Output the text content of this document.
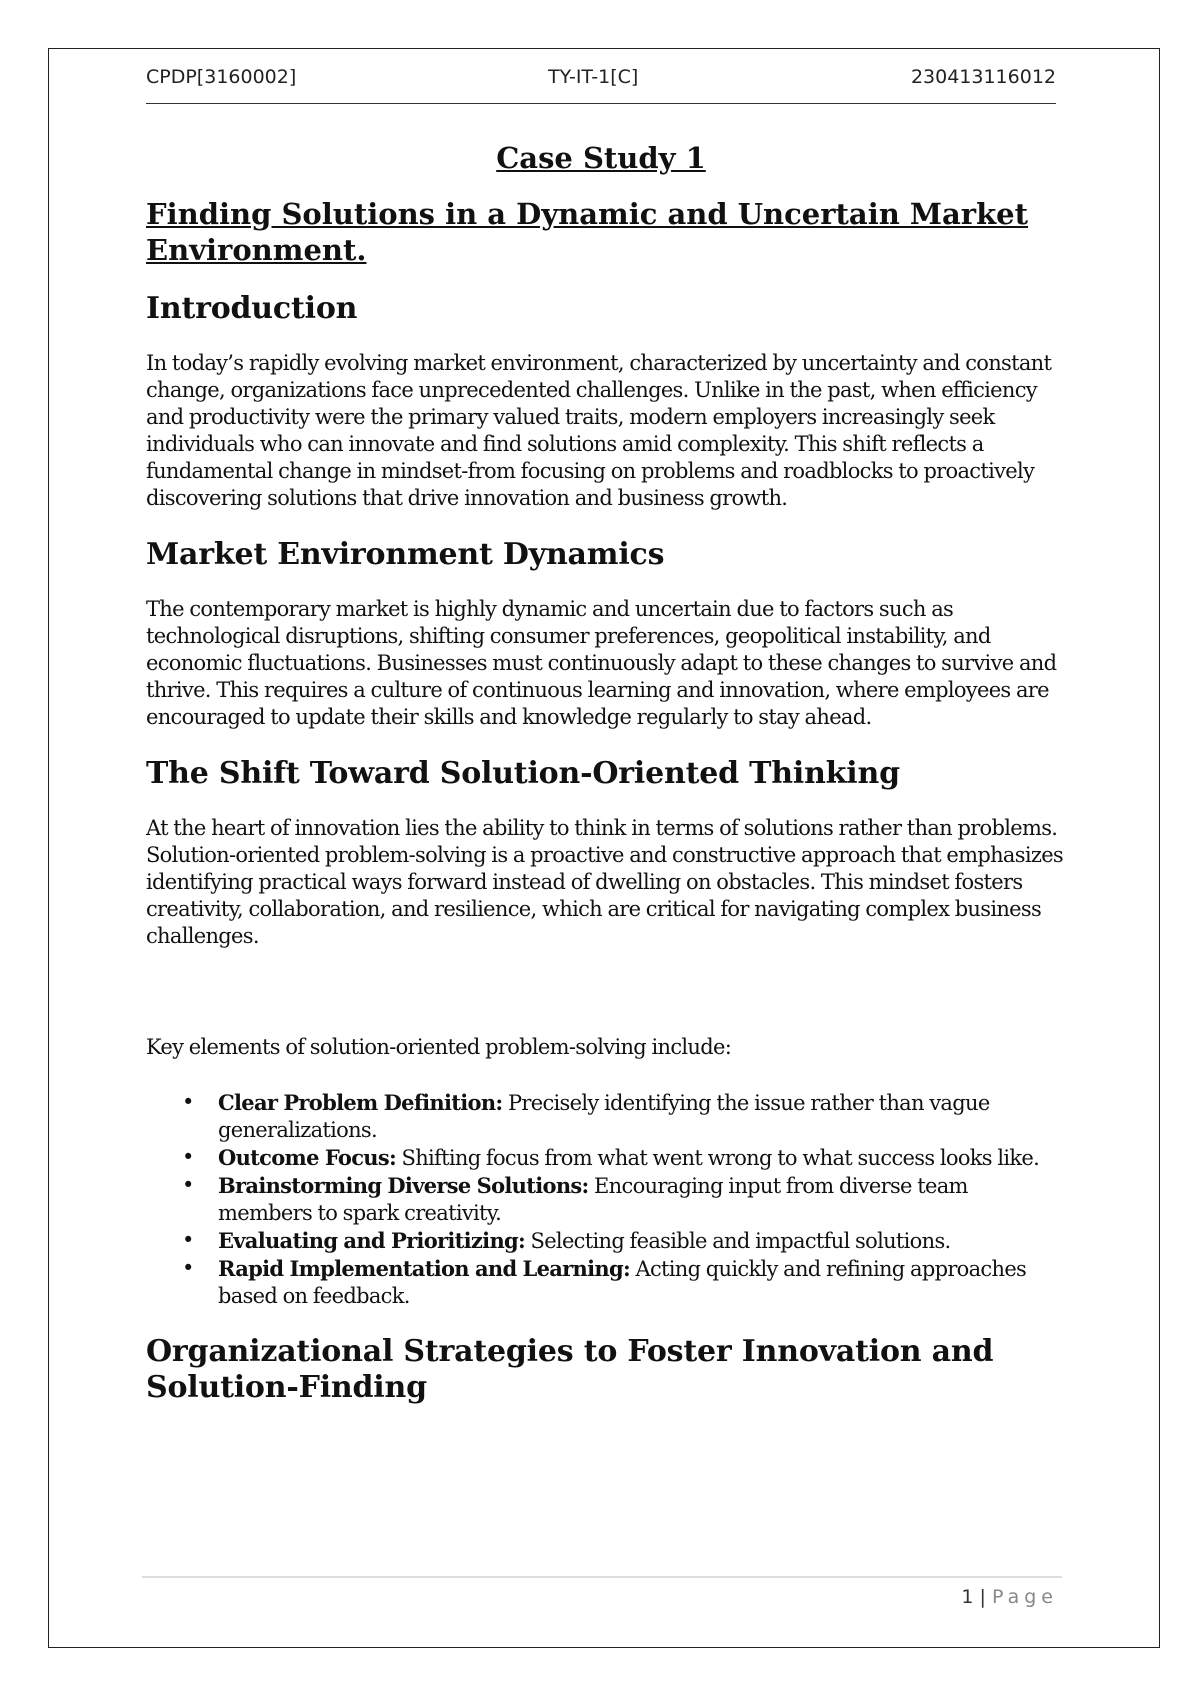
CPDP[3160002]	TY-IT-1[C]	230413116012
Case Study 1
Finding Solutions in a Dynamic and Uncertain Market Environment.
Introduction

In today’s rapidly evolving market environment, characterized by uncertainty and constant change, organizations face unprecedented challenges. Unlike in the past, when efficiency and productivity were the primary valued traits, modern employers increasingly seek individuals who can innovate and find solutions amid complexity. This shift reflects a fundamental change in mindset-from focusing on problems and roadblocks to proactively discovering solutions that drive innovation and business growth.

Market Environment Dynamics

The contemporary market is highly dynamic and uncertain due to factors such as technological disruptions, shifting consumer preferences, geopolitical instability, and economic fluctuations. Businesses must continuously adapt to these changes to survive and thrive. This requires a culture of continuous learning and innovation, where employees are encouraged to update their skills and knowledge regularly to stay ahead.

The Shift Toward Solution-Oriented Thinking

At the heart of innovation lies the ability to think in terms of solutions rather than problems. Solution-oriented problem-solving is a proactive and constructive approach that emphasizes identifying practical ways forward instead of dwelling on obstacles. This mindset fosters creativity, collaboration, and resilience, which are critical for navigating complex business challenges.

Key elements of solution-oriented problem-solving include:

• Clear Problem Definition: Precisely identifying the issue rather than vague generalizations.
• Outcome Focus: Shifting focus from what went wrong to what success looks like.
• Brainstorming Diverse Solutions: Encouraging input from diverse team members to spark creativity.
• Evaluating and Prioritizing: Selecting feasible and impactful solutions.
• Rapid Implementation and Learning: Acting quickly and refining approaches based on feedback.
Organizational Strategies to Foster Innovation and Solution-Finding
1 | Page
